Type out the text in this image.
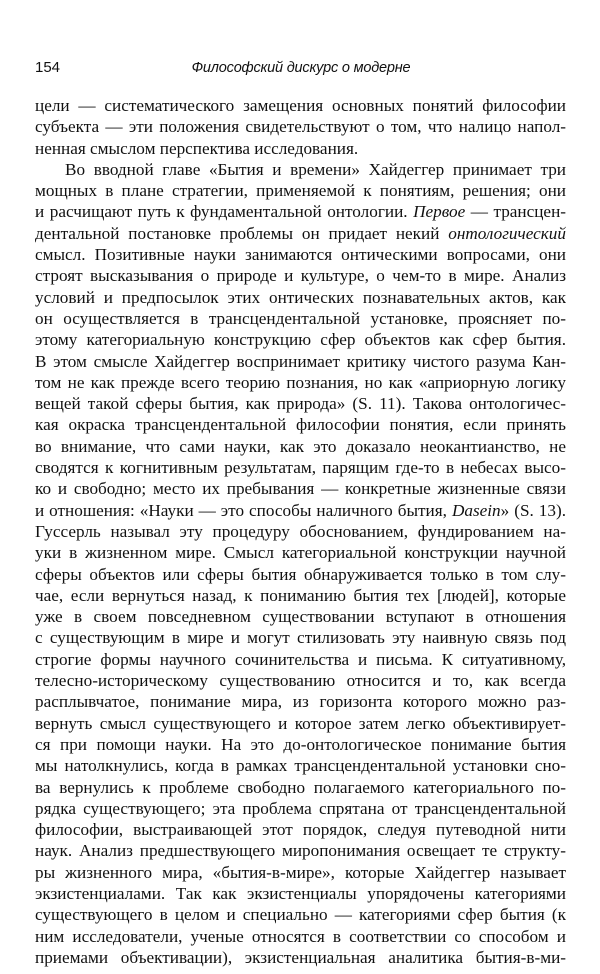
154	Философский дискурс о модерне
цели — систематического замещения основных понятий философии
субъекта — эти положения свидетельствуют о том, что налицо напол-
ненная смыслом перспектива исследования.
Во вводной главе «Бытия и времени» Хайдеггер принимает три
мощных в плане стратегии, применяемой к понятиям, решения; они
и расчищают путь к фундаментальной онтологии. Первое — трансцен-
дентальной постановке проблемы он придает некий онтологический
смысл. Позитивные науки занимаются онтическими вопросами, они
строят высказывания о природе и культуре, о чем-то в мире. Анализ
условий и предпосылок этих онтических познавательных актов, как
он осуществляется в трансцендентальной установке, проясняет по-
этому категориальную конструкцию сфер объектов как сфер бытия.
В этом смысле Хайдеггер воспринимает критику чистого разума Кан-
том не как прежде всего теорию познания, но как «априорную логику
вещей такой сферы бытия, как природа» (S. 11). Такова онтологичес-
кая окраска трансцендентальной философии понятия, если принять
во внимание, что сами науки, как это доказало неокантианство, не
сводятся к когнитивным результатам, парящим где-то в небесах высо-
ко и свободно; место их пребывания — конкретные жизненные связи
и отношения: «Науки — это способы наличного бытия, Dasein» (S. 13).
Гуссерль называл эту процедуру обоснованием, фундированием на-
уки в жизненном мире. Смысл категориальной конструкции научной
сферы объектов или сферы бытия обнаруживается только в том слу-
чае, если вернуться назад, к пониманию бытия тех [людей], которые
уже в своем повседневном существовании вступают в отношения
с существующим в мире и могут стилизовать эту наивную связь под
строгие формы научного сочинительства и письма. К ситуативному,
телесно-историческому существованию относится и то, как всегда
расплывчатое, понимание мира, из горизонта которого можно раз-
вернуть смысл существующего и которое затем легко объективирует-
ся при помощи науки. На это до-онтологическое понимание бытия
мы натолкнулись, когда в рамках трансцендентальной установки сно-
ва вернулись к проблеме свободно полагаемого категориального по-
рядка существующего; эта проблема спрятана от трансцендентальной
философии, выстраивающей этот порядок, следуя путеводной нити
наук. Анализ предшествующего миропонимания освещает те структу-
ры жизненного мира, «бытия-в-мире», которые Хайдеггер называет
экзистенциалами. Так как экзистенциалы упорядочены категориями
существующего в целом и специально — категориями сфер бытия (к
ним исследователи, ученые относятся в соответствии со способом и
приемами объективации), экзистенциальная аналитика бытия-в-ми-
